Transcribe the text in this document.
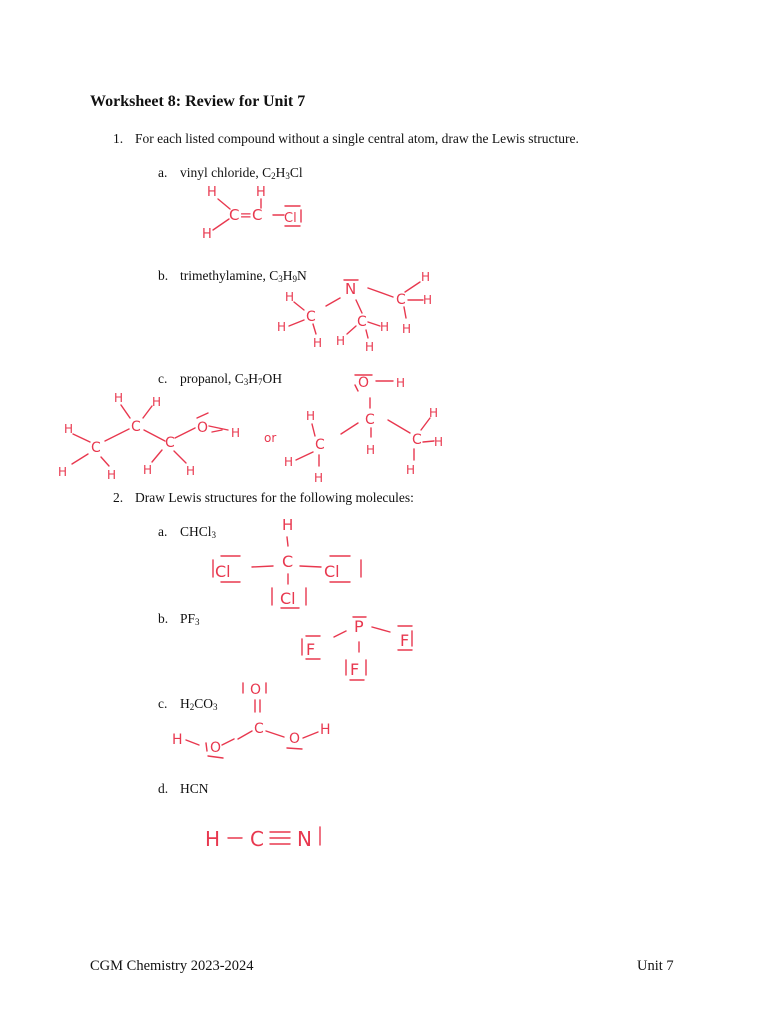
Worksheet 8: Review for Unit 7
1. For each listed compound without a single central atom, draw the Lewis structure.
a. vinyl chloride, $C_2H_3Cl$
b. trimethylamine, $C_3H_9N$
c. propanol, $C_3H_7OH$
2. Draw Lewis structures for the following molecules:
a. CHCl$_3$
b. $PF_3$
c. $H_2CO_3$
d. HCN
CGM Chemistry 2023-2024	Unit 7
H	H
C=C Cl
H
N
H
C
H
H
C H
H
H
C H
H H
H H
C
H
C
H	H
C
H	H
O H or
H
C
H
H
C
O H
H
C
H
H
H
H
C
Cl	Cl
Cl
P
F	F
F
O
C
H O
O
H
H C N
